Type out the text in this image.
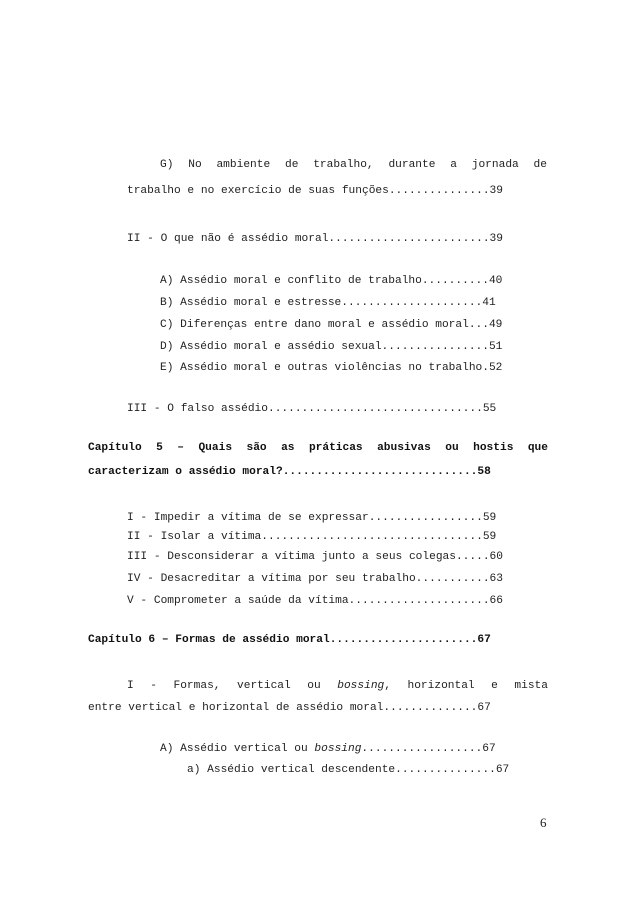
G) No ambiente de trabalho, durante a jornada de

trabalho e no exercício de suas funções...............39

II - O que não é assédio moral........................39

A) Assédio moral e conflito de trabalho..........40

B) Assédio moral e estresse.....................41

C) Diferenças entre dano moral e assédio moral...49

D) Assédio moral e assédio sexual................51

E) Assédio moral e outras violências no trabalho.52

III - O falso assédio................................55

Capítulo 5 – Quais são as práticas abusivas ou hostis que

caracterizam o assédio moral?.............................58

I - Impedir a vítima de se expressar.................59

II - Isolar a vítima.................................59

III - Desconsiderar a vítima junto a seus colegas.....60

IV - Desacreditar a vítima por seu trabalho...........63

V - Comprometer a saúde da vítima.....................66

Capítulo 6 – Formas de assédio moral......................67

I - Formas, vertical ou bossing, horizontal e mista

entre vertical e horizontal de assédio moral..............67

A) Assédio vertical ou bossing..................67

a) Assédio vertical descendente...............67

6
